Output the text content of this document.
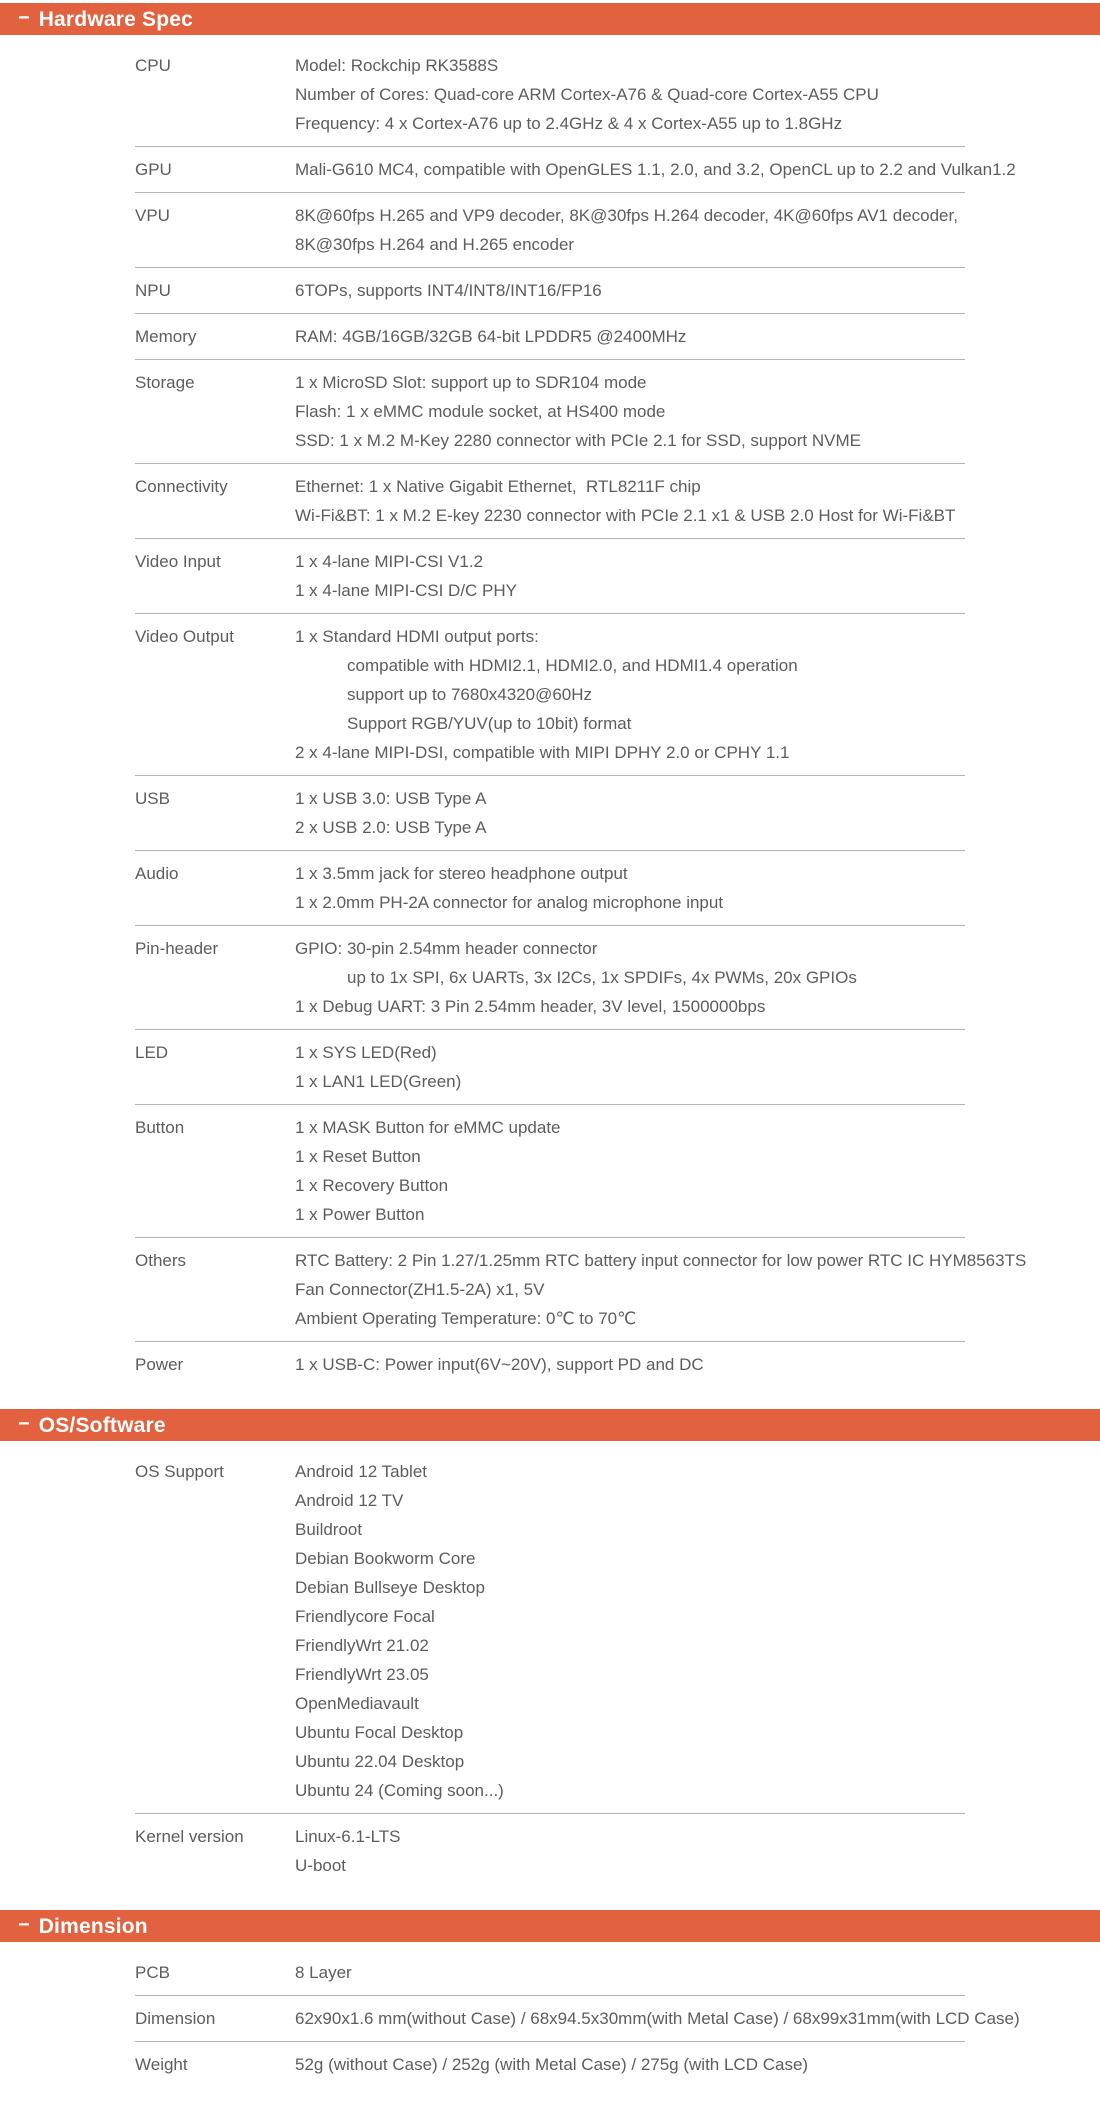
− Hardware Spec
CPU	Model: Rockchip RK3588S
Number of Cores: Quad-core ARM Cortex-A76 & Quad-core Cortex-A55 CPU
Frequency: 4 x Cortex-A76 up to 2.4GHz & 4 x Cortex-A55 up to 1.8GHz
GPU	Mali-G610 MC4, compatible with OpenGLES 1.1, 2.0, and 3.2, OpenCL up to 2.2 and Vulkan1.2
VPU	8K@60fps H.265 and VP9 decoder, 8K@30fps H.264 decoder, 4K@60fps AV1 decoder,
8K@30fps H.264 and H.265 encoder
NPU	6TOPs, supports INT4/INT8/INT16/FP16
Memory	RAM: 4GB/16GB/32GB 64-bit LPDDR5 @2400MHz
Storage	1 x MicroSD Slot: support up to SDR104 mode
Flash: 1 x eMMC module socket, at HS400 mode
SSD: 1 x M.2 M-Key 2280 connector with PCIe 2.1 for SSD, support NVME
Connectivity	Ethernet: 1 x Native Gigabit Ethernet,  RTL8211F chip
Wi-Fi&BT: 1 x M.2 E-key 2230 connector with PCIe 2.1 x1 & USB 2.0 Host for Wi-Fi&BT
Video Input	1 x 4-lane MIPI-CSI V1.2
1 x 4-lane MIPI-CSI D/C PHY
Video Output	1 x Standard HDMI output ports:
compatible with HDMI2.1, HDMI2.0, and HDMI1.4 operation
support up to 7680x4320@60Hz
Support RGB/YUV(up to 10bit) format
2 x 4-lane MIPI-DSI, compatible with MIPI DPHY 2.0 or CPHY 1.1
USB	1 x USB 3.0: USB Type A
2 x USB 2.0: USB Type A
Audio	1 x 3.5mm jack for stereo headphone output
1 x 2.0mm PH-2A connector for analog microphone input
Pin-header	GPIO: 30-pin 2.54mm header connector
up to 1x SPI, 6x UARTs, 3x I2Cs, 1x SPDIFs, 4x PWMs, 20x GPIOs
1 x Debug UART: 3 Pin 2.54mm header, 3V level, 1500000bps
LED	1 x SYS LED(Red)
1 x LAN1 LED(Green)
Button	1 x MASK Button for eMMC update
1 x Reset Button
1 x Recovery Button
1 x Power Button
Others	RTC Battery: 2 Pin 1.27/1.25mm RTC battery input connector for low power RTC IC HYM8563TS
Fan Connector(ZH1.5-2A) x1, 5V
Ambient Operating Temperature: 0℃ to 70℃
Power	1 x USB-C: Power input(6V~20V), support PD and DC
− OS/Software
OS Support	Android 12 Tablet
Android 12 TV
Buildroot
Debian Bookworm Core
Debian Bullseye Desktop
Friendlycore Focal
FriendlyWrt 21.02
FriendlyWrt 23.05
OpenMediavault
Ubuntu Focal Desktop
Ubuntu 22.04 Desktop
Ubuntu 24 (Coming soon...)
Kernel version	Linux-6.1-LTS
U-boot
− Dimension
PCB	8 Layer
Dimension	62x90x1.6 mm(without Case) / 68x94.5x30mm(with Metal Case) / 68x99x31mm(with LCD Case)
Weight	52g (without Case) / 252g (with Metal Case) / 275g (with LCD Case)
